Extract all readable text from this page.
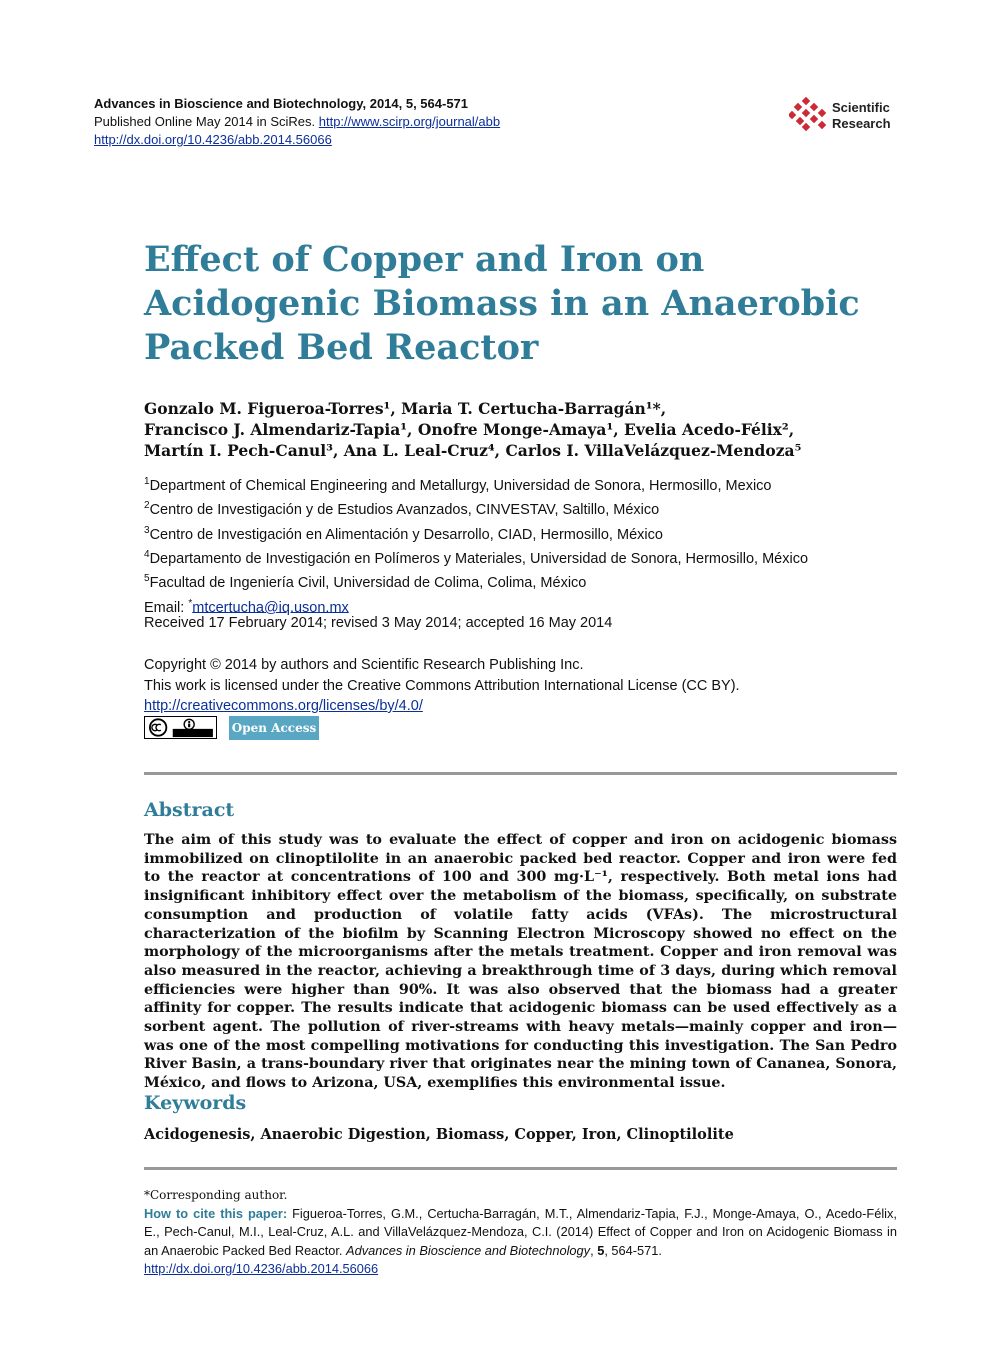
Advances in Bioscience and Biotechnology, 2014, 5, 564-571
Published Online May 2014 in SciRes. http://www.scirp.org/journal/abb
http://dx.doi.org/10.4236/abb.2014.56066
Scientific
Research
Effect of Copper and Iron on Acidogenic Biomass in an Anaerobic Packed Bed Reactor
Gonzalo M. Figueroa-Torres¹, Maria T. Certucha-Barragán¹*,
Francisco J. Almendariz-Tapia¹, Onofre Monge-Amaya¹, Evelia Acedo-Félix²,
Martín I. Pech-Canul³, Ana L. Leal-Cruz⁴, Carlos I. VillaVelázquez-Mendoza⁵
$^1$Department of Chemical Engineering and Metallurgy, Universidad de Sonora, Hermosillo, Mexico
$^2$Centro de Investigación y de Estudios Avanzados, CINVESTAV, Saltillo, México
$^3$Centro de Investigación en Alimentación y Desarrollo, CIAD, Hermosillo, México
$^4$Departamento de Investigación en Polímeros y Materiales, Universidad de Sonora, Hermosillo, México
$^5$Facultad de Ingeniería Civil, Universidad de Colima, Colima, México
Email: *mtcertucha@iq.uson.mx
Received 17 February 2014; revised 3 May 2014; accepted 16 May 2014
Copyright © 2014 by authors and Scientific Research Publishing Inc.
This work is licensed under the Creative Commons Attribution International License (CC BY).
http://creativecommons.org/licenses/by/4.0/
Open Access
Abstract

The aim of this study was to evaluate the effect of copper and iron on acidogenic biomass immobilized on clinoptilolite in an anaerobic packed bed reactor. Copper and iron were fed to the reactor at concentrations of 100 and 300 mg·L⁻¹, respectively. Both metal ions had insignificant inhibitory effect over the metabolism of the biomass, specifically, on substrate consumption and production of volatile fatty acids (VFAs). The microstructural characterization of the biofilm by Scanning Electron Microscopy showed no effect on the morphology of the microorganisms after the metals treatment. Copper and iron removal was also measured in the reactor, achieving a breakthrough time of 3 days, during which removal efficiencies were higher than 90%. It was also observed that the biomass had a greater affinity for copper. The results indicate that acidogenic biomass can be used effectively as a sorbent agent. The pollution of river-streams with heavy metals—mainly copper and iron—was one of the most compelling motivations for conducting this investigation. The San Pedro River Basin, a trans-boundary river that originates near the mining town of Cananea, Sonora, México, and flows to Arizona, USA, exemplifies this environmental issue.

Keywords

Acidogenesis, Anaerobic Digestion, Biomass, Copper, Iron, Clinoptilolite

*Corresponding author.

How to cite this paper: Figueroa-Torres, G.M., Certucha-Barragán, M.T., Almendariz-Tapia, F.J., Monge-Amaya, O., Acedo-Félix, E., Pech-Canul, M.I., Leal-Cruz, A.L. and VillaVelázquez-Mendoza, C.I. (2014) Effect of Copper and Iron on Acidogenic Biomass in an Anaerobic Packed Bed Reactor. Advances in Bioscience and Biotechnology, 5, 564-571.

http://dx.doi.org/10.4236/abb.2014.56066
